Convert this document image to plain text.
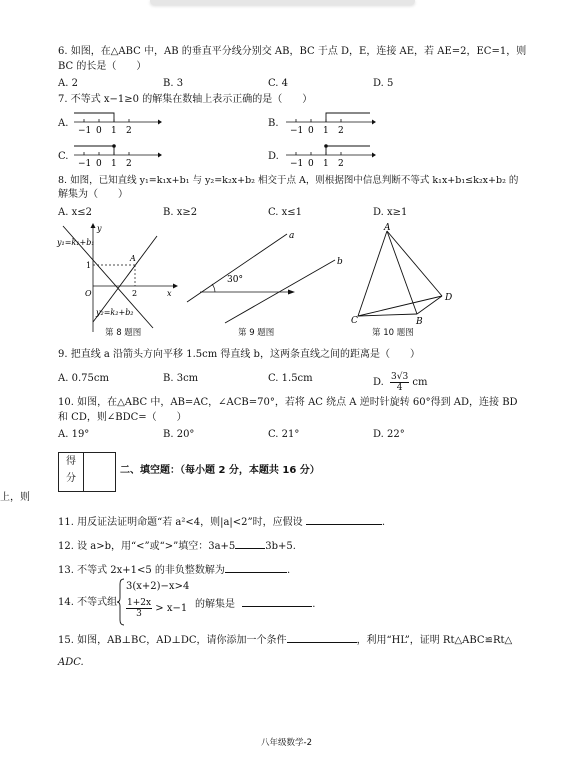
6. 如图，在△ABC 中，AB 的垂直平分线分别交 AB，BC 于点 D，E，连接 AE，若 AE=2，EC=1，则
BC 的长是（　　）
A. 2	B. 3	C. 4	D. 5
7. 不等式 x−1≥0 的解集在数轴上表示正确的是（　　）
A.
−1 0 1 2
B.
−1 0 1 2
C.
−1 0 1 2
D.
−1 0 1 2
8. 如图，已知直线 y₁=k₁x+b₁ 与 y₂=k₂x+b₂ 相交于点 A，则根据图中信息判断不等式 k₁x+b₁≤k₂x+b₂ 的
解集为（　　）
A. x≤2	B. x≥2	C. x≤1	D. x≥1
y₁=k₁+b₁
y₂=k₂+b₂
y
x
O
1
2
A
第 8 题图
a
b
30°
第 9 题图
A
B
C
D
第 10 题图
9. 把直线 a 沿箭头方向平移 1.5cm 得直线 b，这两条直线之间的距离是（　　）
A. 0.75cm	B. 3cm	C. 1.5cm	D. $\frac{3√3}{4}$ cm
10. 如图，在△ABC 中，AB=AC，∠ACB=70°，若将 AC 绕点 A 逆时针旋转 60°得到 AD，连接 BD
和 CD，则∠BDC=（　　）
A. 19°	B. 20°	C. 21°	D. 22°
得
分
二、填空题：（每小题 2 分，本题共 16 分）
上，则
11. 用反证法证明命题“若 a²<4，则|a|<2”时，应假设	.
12. 设 a>b，用“<”或“>”填空：3a+5	3b+5.
13. 不等式 2x+1<5 的非负整数解为	.
14. 不等式组
3(x+2)−x>4
$\frac{1+2x}{3} > x-1$ 的解集是	.
15. 如图，AB⊥BC，AD⊥DC，请你添加一个条件	，利用“HL”，证明 Rt△ABC≌Rt△
ADC.
八年级数学-2
